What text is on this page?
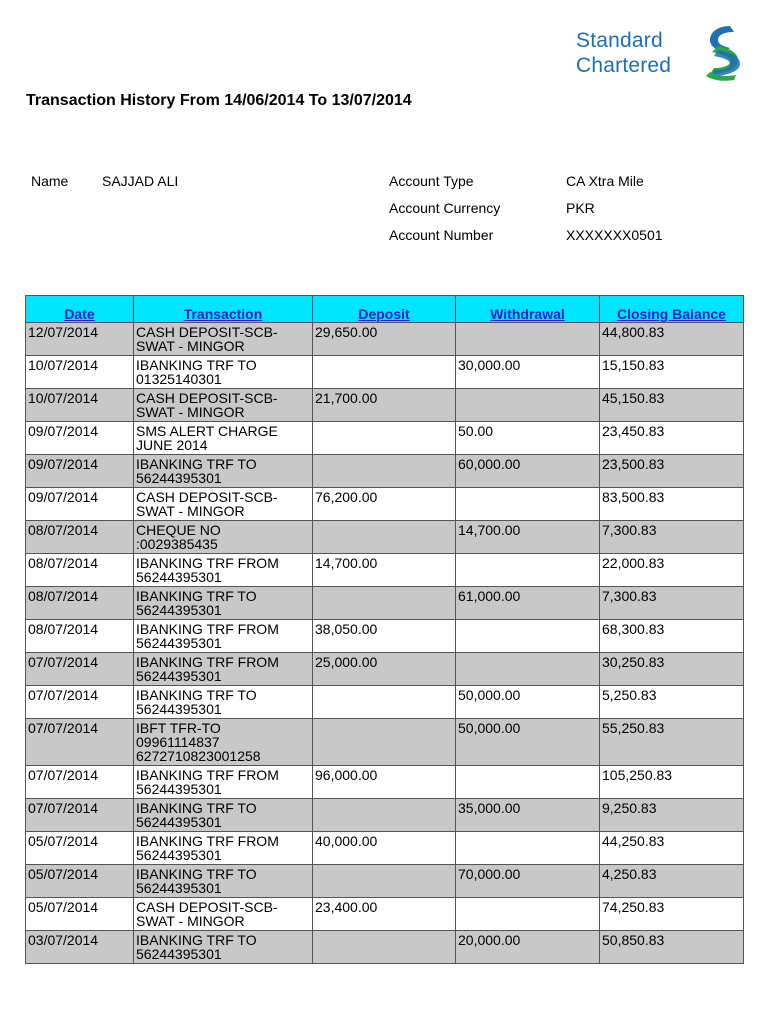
Standard
Chartered
Transaction History From 14/06/2014 To 13/07/2014
Name SAJJAD ALI	Account Type	CA Xtra Mile
Account Currency	PKR
Account Number	XXXXXXX0501
Date	Transaction	Deposit	Withdrawal	Closing Balance
12/07/2014	CASH DEPOSIT-SCB-
SWAT - MINGOR	29,650.00		44,800.83
10/07/2014	IBANKING TRF TO
01325140301		30,000.00	15,150.83
10/07/2014	CASH DEPOSIT-SCB-
SWAT - MINGOR	21,700.00		45,150.83
09/07/2014	SMS ALERT CHARGE
JUNE 2014		50.00	23,450.83
09/07/2014	IBANKING TRF TO
56244395301		60,000.00	23,500.83
09/07/2014	CASH DEPOSIT-SCB-
SWAT - MINGOR	76,200.00		83,500.83
08/07/2014	CHEQUE NO
:0029385435		14,700.00	7,300.83
08/07/2014	IBANKING TRF FROM
56244395301	14,700.00		22,000.83
08/07/2014	IBANKING TRF TO
56244395301		61,000.00	7,300.83
08/07/2014	IBANKING TRF FROM
56244395301	38,050.00		68,300.83
07/07/2014	IBANKING TRF FROM
56244395301	25,000.00		30,250.83
07/07/2014	IBANKING TRF TO
56244395301		50,000.00	5,250.83
07/07/2014	IBFT TFR-TO
09961114837
6272710823001258		50,000.00	55,250.83
07/07/2014	IBANKING TRF FROM
56244395301	96,000.00		105,250.83
07/07/2014	IBANKING TRF TO
56244395301		35,000.00	9,250.83
05/07/2014	IBANKING TRF FROM
56244395301	40,000.00		44,250.83
05/07/2014	IBANKING TRF TO
56244395301		70,000.00	4,250.83
05/07/2014	CASH DEPOSIT-SCB-
SWAT - MINGOR	23,400.00		74,250.83
03/07/2014	IBANKING TRF TO
56244395301		20,000.00	50,850.83
